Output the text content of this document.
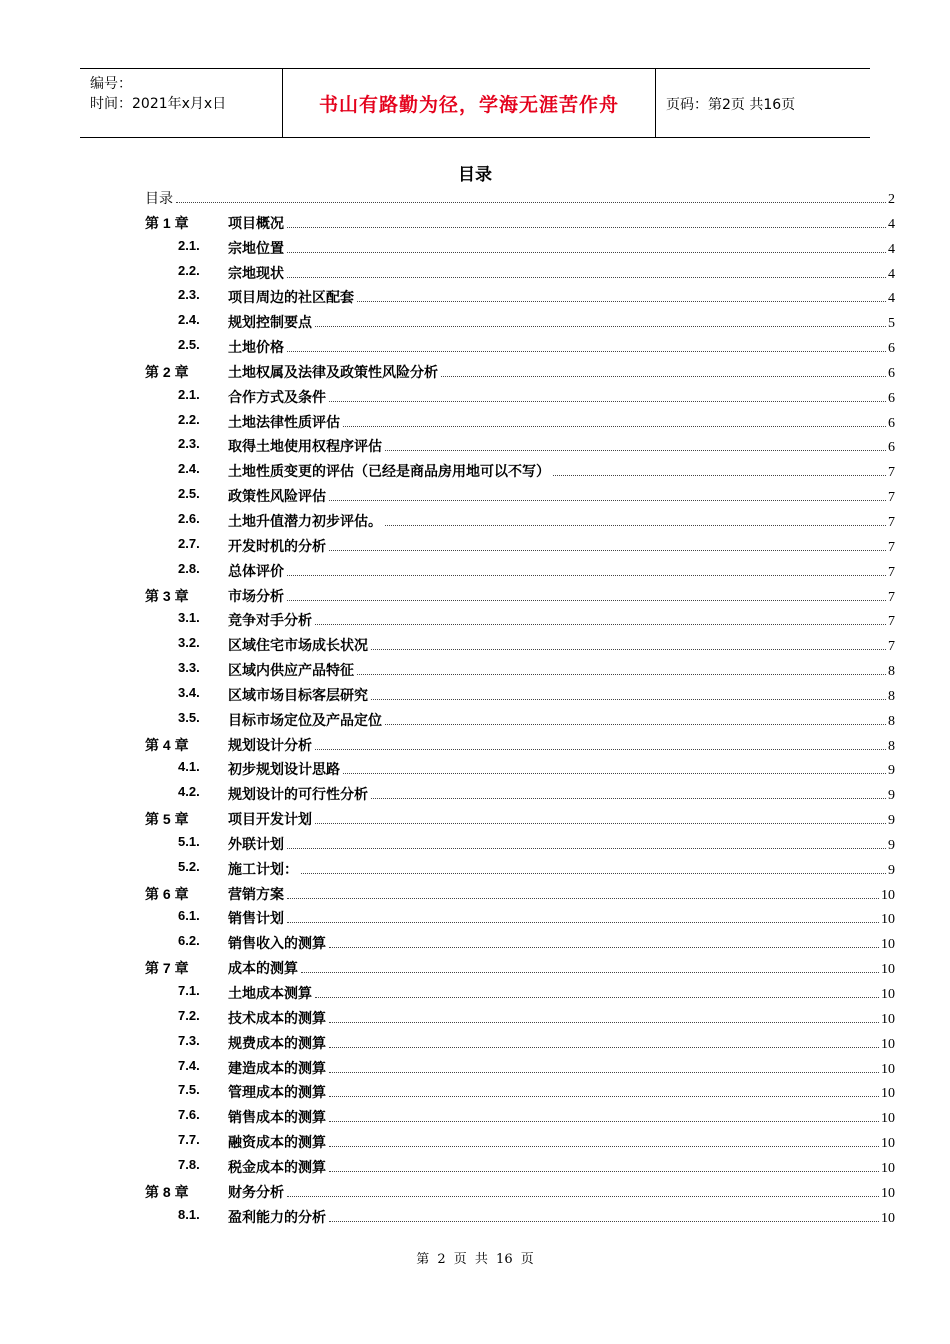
编号：
时间：2021年x月x日	书山有路勤为径，学海无涯苦作舟	页码：第2页 共16页
目录
目录	2
第 1 章	项目概况	4
2.1. 宗地位置	4
2.2. 宗地现状	4
2.3. 项目周边的社区配套	4
2.4. 规划控制要点	5
2.5. 土地价格	6
第 2 章	土地权属及法律及政策性风险分析	6
2.1. 合作方式及条件	6
2.2. 土地法律性质评估	6
2.3. 取得土地使用权程序评估	6
2.4. 土地性质变更的评估（已经是商品房用地可以不写）	7
2.5. 政策性风险评估	7
2.6. 土地升值潜力初步评估。	7
2.7. 开发时机的分析	7
2.8. 总体评价	7
第 3 章	市场分析	7
3.1. 竞争对手分析	7
3.2. 区域住宅市场成长状况	7
3.3. 区域内供应产品特征	8
3.4. 区域市场目标客层研究	8
3.5. 目标市场定位及产品定位	8
第 4 章	规划设计分析	8
4.1. 初步规划设计思路	9
4.2. 规划设计的可行性分析	9
第 5 章	项目开发计划	9
5.1. 外联计划	9
5.2. 施工计划：	9
第 6 章	营销方案	10
6.1. 销售计划	10
6.2. 销售收入的测算	10
第 7 章	成本的测算	10
7.1. 土地成本测算	10
7.2. 技术成本的测算	10
7.3. 规费成本的测算	10
7.4. 建造成本的测算	10
7.5. 管理成本的测算	10
7.6. 销售成本的测算	10
7.7. 融资成本的测算	10
7.8. 税金成本的测算	10
第 8 章	财务分析	10
8.1. 盈利能力的分析	10
第 2 页 共 16 页
